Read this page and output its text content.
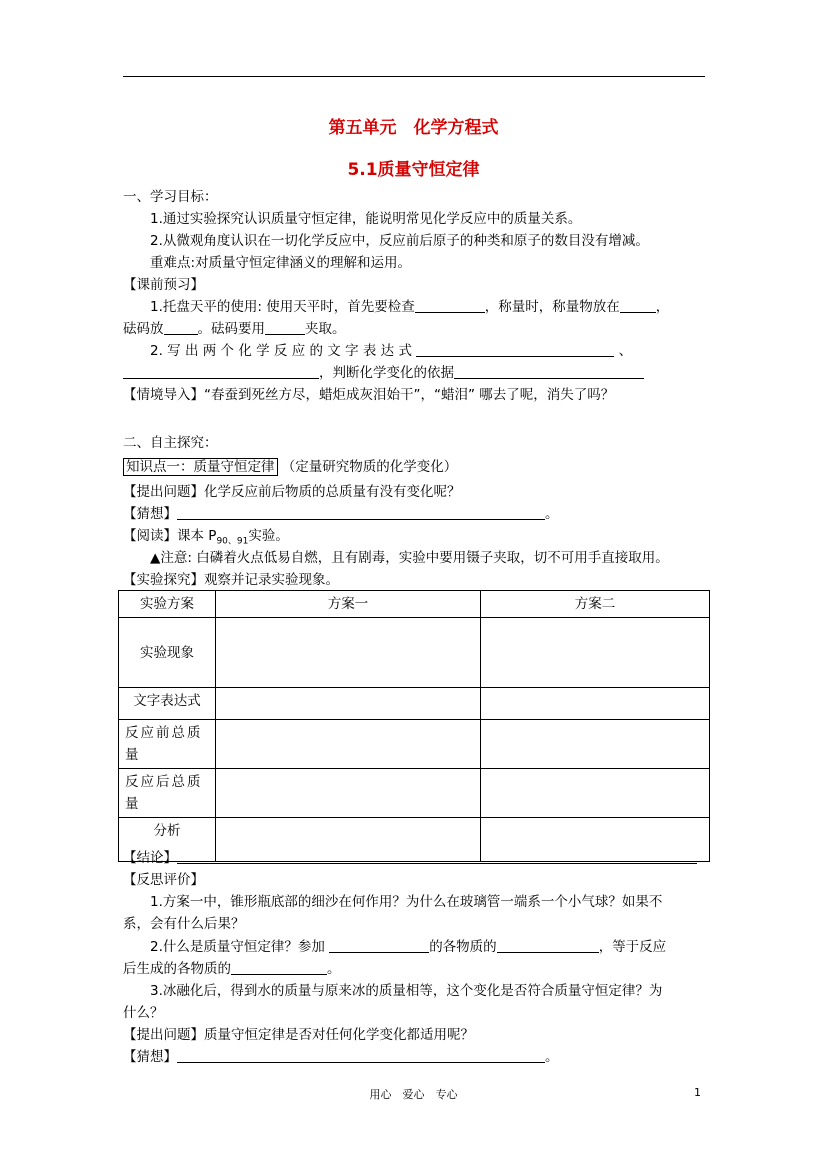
第五单元　化学方程式
5.1质量守恒定律
一、学习目标：
1.通过实验探究认识质量守恒定律，能说明常见化学反应中的质量关系。
2.从微观角度认识在一切化学反应中，反应前后原子的种类和原子的数目没有增减。
重难点:对质量守恒定律涵义的理解和运用。
【课前预习】
1.托盘天平的使用: 使用天平时，首先要检查	，称量时，称量物放在	，
砝码放	。砝码要用	夹取。
2. 写 出 两 个 化 学 反 应 的 文 字 表 达 式	、
，判断化学变化的依据
【情境导入】“春蚕到死丝方尽，蜡炬成灰泪始干”，“蜡泪” 哪去了呢，消失了吗？
二、自主探究：
知识点一：质量守恒定律 （定量研究物质的化学变化）
【提出问题】化学反应前后物质的总质量有没有变化呢？
【猜想】	。
【阅读】课本 $P_{90、91}$实验。
▲注意: 白磷着火点低易自燃，且有剧毒，实验中要用镊子夹取，切不可用手直接取用。
【实验探究】观察并记录实验现象。
实验方案	方案一	方案二
实验现象		
文字表达式		
反应前总质量		
反应后总质量		
分析		
【结论】
【反思评价】
1.方案一中，锥形瓶底部的细沙在何作用？为什么在玻璃管一端系一个小气球？如果不
系，会有什么后果？
2.什么是质量守恒定律？参加	的各物质的	，等于反应
后生成的各物质的	。
3.冰融化后，得到水的质量与原来冰的质量相等，这个变化是否符合质量守恒定律？为
什么？
【提出问题】质量守恒定律是否对任何化学变化都适用呢？
【猜想】	。
用心　爱心　专心	1
